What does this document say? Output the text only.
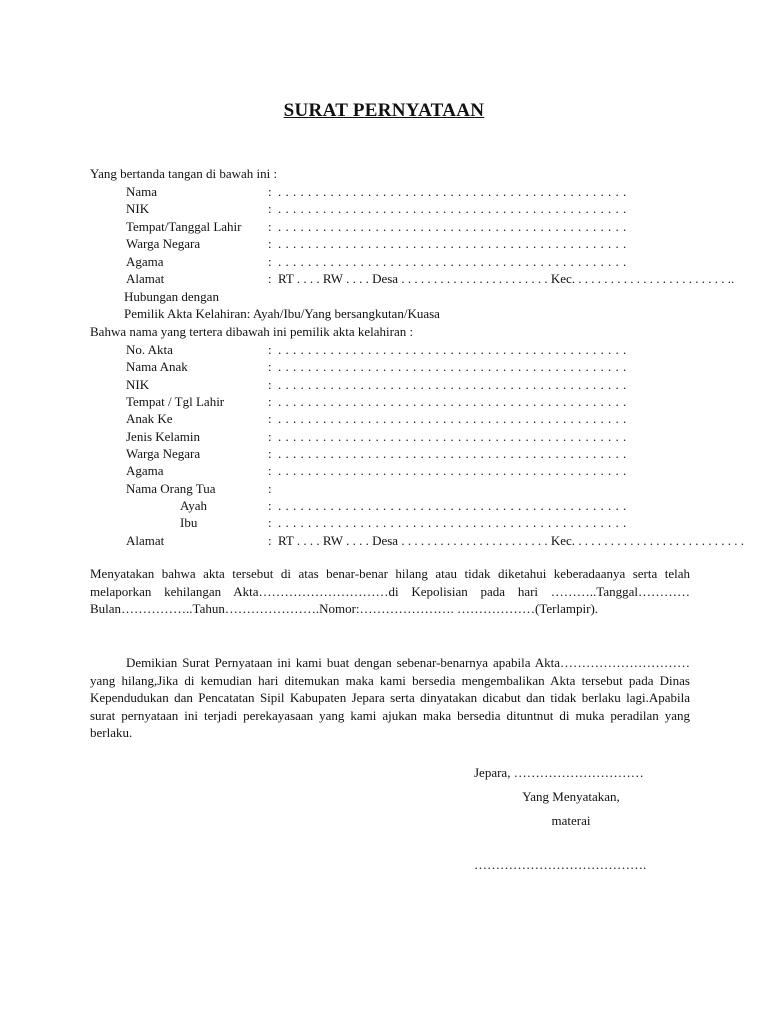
SURAT PERNYATAAN
Yang bertanda tangan di bawah ini :
Nama	: . . . . . . . . . . . . . . . . . . . . . . . . . . . . . . . . . . . . . . . . . . . . . . .
NIK	: . . . . . . . . . . . . . . . . . . . . . . . . . . . . . . . . . . . . . . . . . . . . . . .
Tempat/Tanggal Lahir : . . . . . . . . . . . . . . . . . . . . . . . . . . . . . . . . . . . . . . . . . . . . . . .
Warga Negara	: . . . . . . . . . . . . . . . . . . . . . . . . . . . . . . . . . . . . . . . . . . . . . . .
Agama	: . . . . . . . . . . . . . . . . . . . . . . . . . . . . . . . . . . . . . . . . . . . . . . .
Alamat	: RT . . . . RW . . . . Desa . . . . . . . . . . . . . . . . . . . . . . . Kec. . . . . . . . . . . . . . . . . . . . . . . . ..
Hubungan dengan
Pemilik Akta Kelahiran: Ayah/Ibu/Yang bersangkutan/Kuasa
Bahwa nama yang tertera dibawah ini pemilik akta kelahiran :
No. Akta	: . . . . . . . . . . . . . . . . . . . . . . . . . . . . . . . . . . . . . . . . . . . . . . .
Nama Anak	: . . . . . . . . . . . . . . . . . . . . . . . . . . . . . . . . . . . . . . . . . . . . . . .
NIK	: . . . . . . . . . . . . . . . . . . . . . . . . . . . . . . . . . . . . . . . . . . . . . . .
Tempat / Tgl Lahir	: . . . . . . . . . . . . . . . . . . . . . . . . . . . . . . . . . . . . . . . . . . . . . . .
Anak Ke	: . . . . . . . . . . . . . . . . . . . . . . . . . . . . . . . . . . . . . . . . . . . . . . .
Jenis Kelamin	: . . . . . . . . . . . . . . . . . . . . . . . . . . . . . . . . . . . . . . . . . . . . . . .
Warga Negara	: . . . . . . . . . . . . . . . . . . . . . . . . . . . . . . . . . . . . . . . . . . . . . . .
Agama	: . . . . . . . . . . . . . . . . . . . . . . . . . . . . . . . . . . . . . . . . . . . . . . .
Nama Orang Tua	:
Ayah	: . . . . . . . . . . . . . . . . . . . . . . . . . . . . . . . . . . . . . . . . . . . . . . .
Ibu	: . . . . . . . . . . . . . . . . . . . . . . . . . . . . . . . . . . . . . . . . . . . . . . .
Alamat	: RT . . . . RW . . . . Desa . . . . . . . . . . . . . . . . . . . . . . . Kec. . . . . . . . . . . . . . . . . . . . . . . . . . .
Menyatakan bahwa akta tersebut di atas benar-benar hilang atau tidak diketahui keberadaanya serta telah melaporkan kehilangan Akta…………………………di Kepolisian pada hari ………..Tanggal…………Bulan……………..Tahun………………….Nomor:…………………. ………………(Terlampir).
Demikian Surat Pernyataan ini kami buat dengan sebenar-benarnya apabila Akta…………………………yang hilang,Jika di kemudian hari ditemukan maka kami bersedia mengembalikan Akta tersebut pada Dinas Kependudukan dan Pencatatan Sipil Kabupaten Jepara serta dinyatakan dicabut dan tidak berlaku lagi.Apabila surat pernyataan ini terjadi perekayasaan yang kami ajukan maka bersedia dituntnut di muka peradilan yang berlaku.
Jepara, …………………………
Yang Menyatakan,
materai
………………………………….
